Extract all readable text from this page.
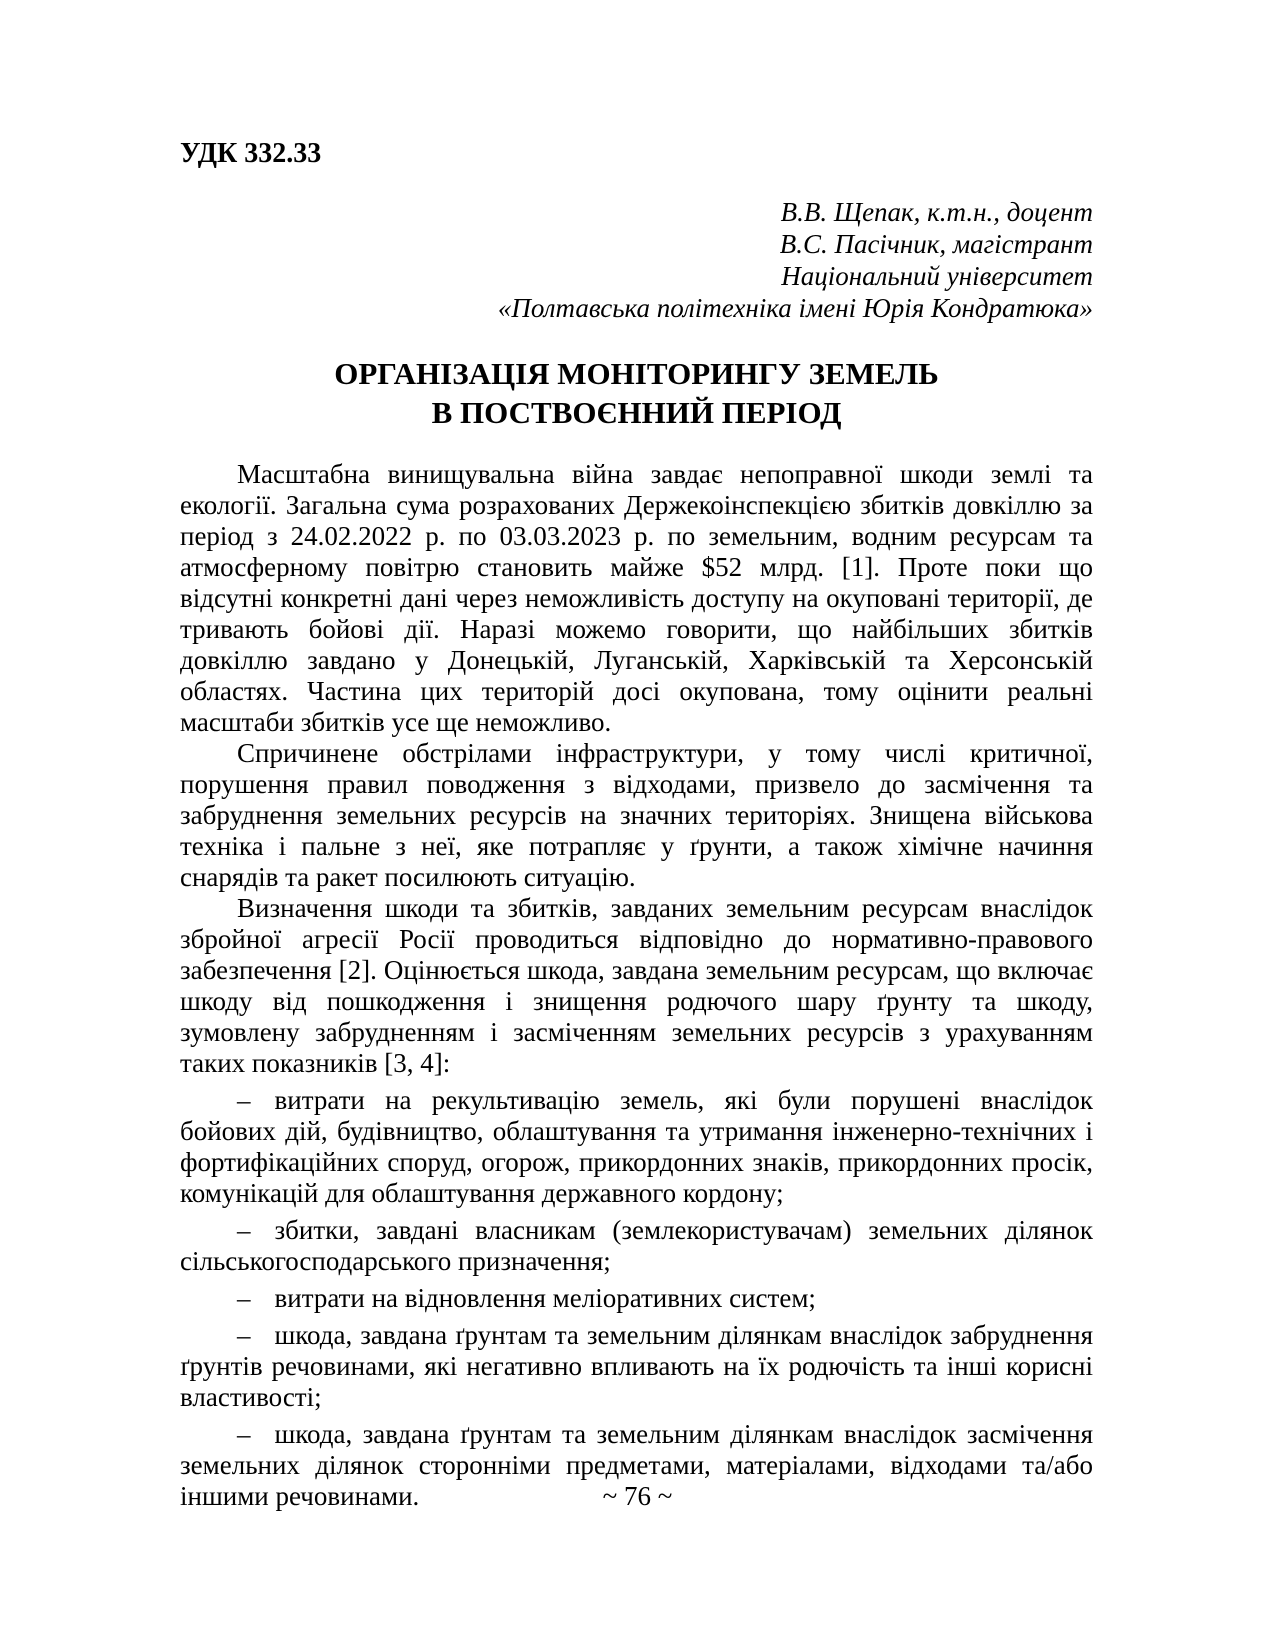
УДК 332.33
В.В. Щепак, к.т.н., доцент
В.С. Пасічник, магістрант
Національний університет
«Полтавська політехніка імені Юрія Кондратюка»
ОРГАНІЗАЦІЯ МОНІТОРИНГУ ЗЕМЕЛЬ
В ПОСТВОЄННИЙ ПЕРІОД

Масштабна винищувальна війна завдає непоправної шкоди землі та екології. Загальна сума розрахованих Держекоінспекцією збитків довкіллю за період з 24.02.2022 р. по 03.03.2023 р. по земельним, водним ресурсам та атмосферному повітрю становить майже $52 млрд. [1]. Проте поки що відсутні конкретні дані через неможливість доступу на окуповані території, де тривають бойові дії. Наразі можемо говорити, що найбільших збитків довкіллю завдано у Донецькій, Луганській, Харківській та Херсонській областях. Частина цих територій досі окупована, тому оцінити реальні масштаби збитків усе ще неможливо.

Спричинене обстрілами інфраструктури, у тому числі критичної, порушення правил поводження з відходами, призвело до засмічення та забруднення земельних ресурсів на значних територіях. Знищена військова техніка і пальне з неї, яке потрапляє у ґрунти, а також хімічне начиння снарядів та ракет посилюють ситуацію.

Визначення шкоди та збитків, завданих земельним ресурсам внаслідок збройної агресії Росії проводиться відповідно до нормативно-правового забезпечення [2]. Оцінюється шкода, завдана земельним ресурсам, що включає шкоду від пошкодження і знищення родючого шару ґрунту та шкоду, зумовлену забрудненням і засміченням земельних ресурсів з урахуванням таких показників [3, 4]:

– витрати на рекультивацію земель, які були порушені внаслідок бойових дій, будівництво, облаштування та утримання інженерно-технічних і фортифікаційних споруд, огорож, прикордонних знаків, прикордонних просік, комунікацій для облаштування державного кордону;

– збитки, завдані власникам (землекористувачам) земельних ділянок сільськогосподарського призначення;

– витрати на відновлення меліоративних систем;

– шкода, завдана ґрунтам та земельним ділянкам внаслідок забруднення ґрунтів речовинами, які негативно впливають на їх родючість та інші корисні властивості;

– шкода, завдана ґрунтам та земельним ділянкам внаслідок засмічення земельних ділянок сторонніми предметами, матеріалами, відходами та/або іншими речовинами.	~ 76 ~
